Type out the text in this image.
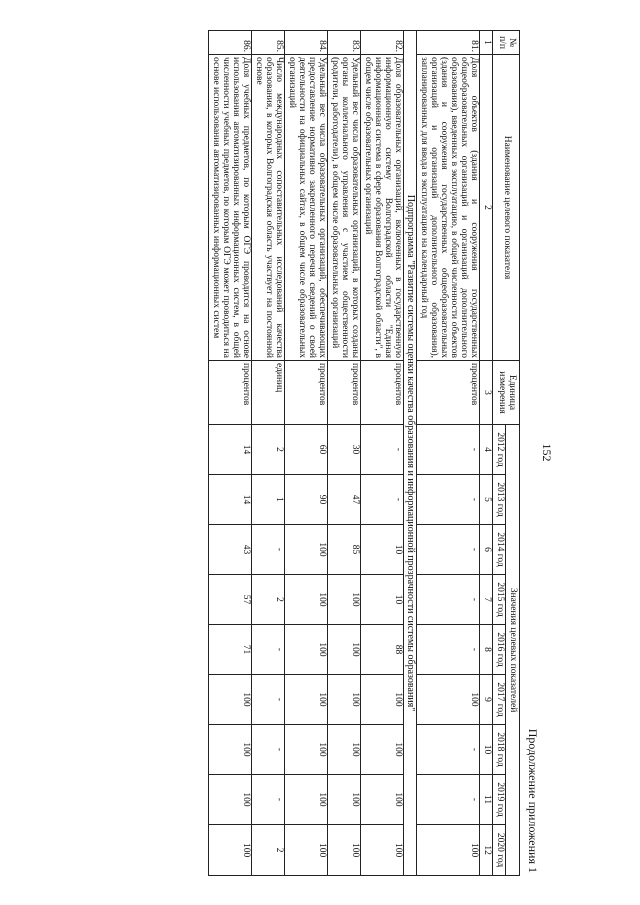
152
Продолжение приложения 1
№ п/п	Наименование целевого показателя	Единица измерения	Значения целевых показателей								
			2012 год	2013 год	2014 год	2015 год	2016 год	2017 год	2018 год	2019 год	2020 год
1	2	3	4	5	6	7	8	9	10	11	12
81.	Доля объектов (здания и сооружения государственных общеобразовательных организаций и организаций дополнительного образования), введенных в эксплуатацию, в общей численности объектов (здания и сооружения государственных общеобразовательных организаций и организаций дополнительного образования), запланированных для ввода в эксплуатацию на календарный год	процентов	-	-	-	-	-	100	-	-	100
Подпрограмма "Развитие системы оценки качества образования и информационной прозрачности системы образования"											
82.	Доля образовательных организаций, включенных в государственную информационную систему Волгоградской области "Единая информационная система в сфере образования Волгоградской области", в общем числе образовательных организаций	процентов	-	-	10	10	88	100	100	100	100
83.	Удельный вес числа образовательных организаций, в которых созданы органы коллегиального управления с участием общественности (родители, работодатели), в общем числе образовательных организаций	процентов	30	47	85	100	100	100	100	100	100
84.	Удельный вес числа образовательных организаций, обеспечивающих предоставление нормативно закрепленного перечня сведений о своей деятельности на официальных сайтах, в общем числе образовательных организаций	процентов	60	90	100	100	100	100	100	100	100
85.	Число международных сопоставительных исследований качества образования, в которых Волгоградская область участвует на постоянной основе	единиц	2	1	-	2	-	-	-	-	2
86.	Доля учебных предметов, по которым ОГЭ проводится на основе использования автоматизированных информационных систем, в общей численности учебных предметов, по которым ОГЭ может проводиться на основе использования автоматизированных информационных систем	процентов	14	14	43	57	71	100	100	100	100
